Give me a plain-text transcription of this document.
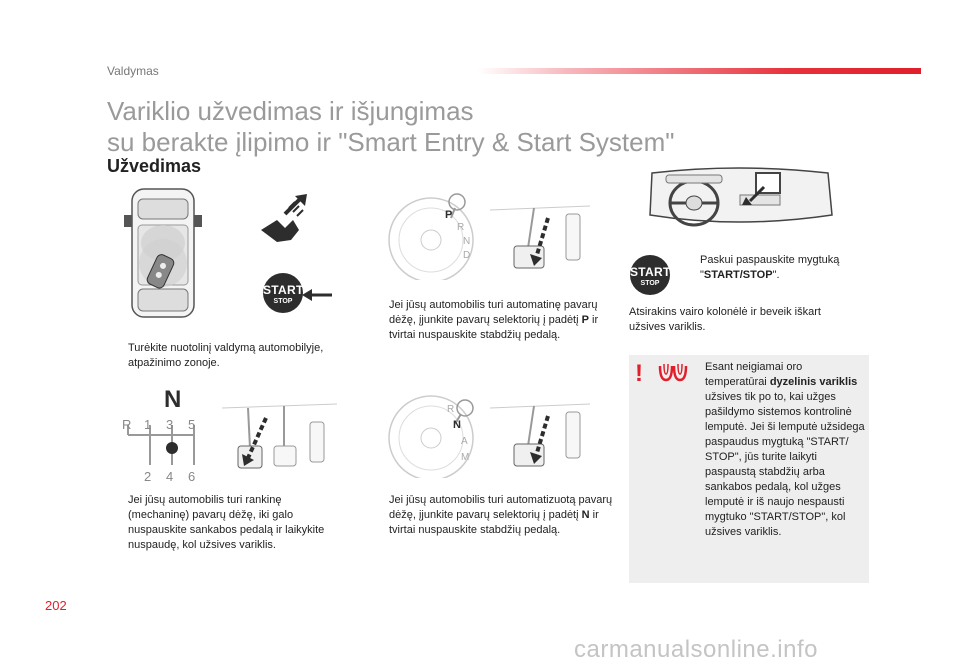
Valdymas
Variklio užvedimas ir išjungimas
su berakte įlipimo ir "Smart Entry & Start System"
Užvedimas
START
STOP
Turėkite nuotolinį valdymą automobilyje, atpažinimo zonoje.
N
R 1 3 5
2 4 6
Jei jūsų automobilis turi rankinę (mechaninę) pavarų dėžę, iki galo nuspauskite sankabos pedalą ir laikykite nuspaudę, kol užsives variklis.
P
R
N
D
Jei jūsų automobilis turi automatinę pavarų dėžę, įjunkite pavarų selektorių į padėtį P ir tvirtai nuspauskite stabdžių pedalą.
R
N
A
M
Jei jūsų automobilis turi automatizuotą pavarų dėžę, įjunkite pavarų selektorių į padėtį N ir tvirtai nuspauskite stabdžių pedalą.
START
STOP
Paskui paspauskite mygtuką "START/STOP".
Atsirakins vairo kolonėlė ir beveik iškart užsives variklis.
!	Esant neigiamai oro temperatūrai dyzelinis variklis užsives tik po to, kai užges pašildymo sistemos kontrolinė lemputė. Jei ši lemputė užsidega paspaudus mygtuką "START/ STOP", jūs turite laikyti paspaustą stabdžių arba sankabos pedalą, kol užges lemputė ir iš naujo nespausti mygtuko "START/STOP", kol užsives variklis.
202
carmanualsonline.info
